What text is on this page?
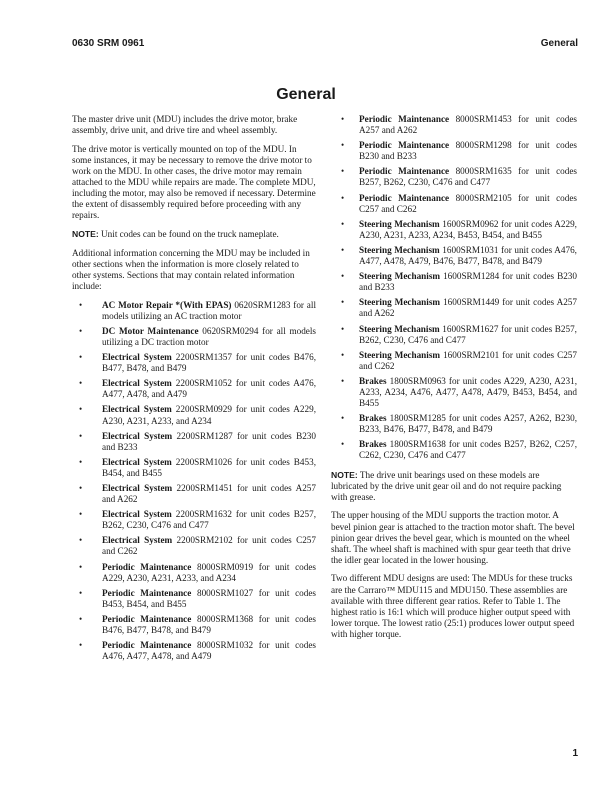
0630 SRM 0961	General
General

The master drive unit (MDU) includes the drive motor, brake assembly, drive unit, and drive tire and wheel assembly.

The drive motor is vertically mounted on top of the MDU. In some instances, it may be necessary to remove the drive motor to work on the MDU. In other cases, the drive motor may remain attached to the MDU while repairs are made. The complete MDU, including the motor, may also be removed if necessary. Determine the extent of disassembly required before proceeding with any repairs.

NOTE: Unit codes can be found on the truck nameplate.

Additional information concerning the MDU may be included in other sections when the information is more closely related to other systems. Sections that may contain related information include:

• AC Motor Repair *(With EPAS) 0620SRM1283 for all models utilizing an AC traction motor
• DC Motor Maintenance 0620SRM0294 for all models utilizing a DC traction motor
• Electrical System 2200SRM1357 for unit codes B476, B477, B478, and B479
• Electrical System 2200SRM1052 for unit codes A476, A477, A478, and A479
• Electrical System 2200SRM0929 for unit codes A229, A230, A231, A233, and A234
• Electrical System 2200SRM1287 for unit codes B230 and B233
• Electrical System 2200SRM1026 for unit codes B453, B454, and B455
• Electrical System 2200SRM1451 for unit codes A257 and A262
• Electrical System 2200SRM1632 for unit codes B257, B262, C230, C476 and C477
• Electrical System 2200SRM2102 for unit codes C257 and C262
• Periodic Maintenance 8000SRM0919 for unit codes A229, A230, A231, A233, and A234
• Periodic Maintenance 8000SRM1027 for unit codes B453, B454, and B455
• Periodic Maintenance 8000SRM1368 for unit codes B476, B477, B478, and B479
• Periodic Maintenance 8000SRM1032 for unit codes A476, A477, A478, and A479
• Periodic Maintenance 8000SRM1453 for unit codes A257 and A262
• Periodic Maintenance 8000SRM1298 for unit codes B230 and B233
• Periodic Maintenance 8000SRM1635 for unit codes B257, B262, C230, C476 and C477
• Periodic Maintenance 8000SRM2105 for unit codes C257 and C262
• Steering Mechanism 1600SRM0962 for unit codes A229, A230, A231, A233, A234, B453, B454, and B455
• Steering Mechanism 1600SRM1031 for unit codes A476, A477, A478, A479, B476, B477, B478, and B479
• Steering Mechanism 1600SRM1284 for unit codes B230 and B233
• Steering Mechanism 1600SRM1449 for unit codes A257 and A262
• Steering Mechanism 1600SRM1627 for unit codes B257, B262, C230, C476 and C477
• Steering Mechanism 1600SRM2101 for unit codes C257 and C262
• Brakes 1800SRM0963 for unit codes A229, A230, A231, A233, A234, A476, A477, A478, A479, B453, B454, and B455
• Brakes 1800SRM1285 for unit codes A257, A262, B230, B233, B476, B477, B478, and B479
• Brakes 1800SRM1638 for unit codes B257, B262, C257, C262, C230, C476 and C477

NOTE: The drive unit bearings used on these models are lubricated by the drive unit gear oil and do not require packing with grease.

The upper housing of the MDU supports the traction motor. A bevel pinion gear is attached to the traction motor shaft. The bevel pinion gear drives the bevel gear, which is mounted on the wheel shaft. The wheel shaft is machined with spur gear teeth that drive the idler gear located in the lower housing.

Two different MDU designs are used: The MDUs for these trucks are the Carraro™ MDU115 and MDU150. These assemblies are available with three different gear ratios. Refer to Table 1. The highest ratio is 16:1 which will produce higher output speed with lower torque. The lowest ratio (25:1) produces lower output speed with higher torque.

1
